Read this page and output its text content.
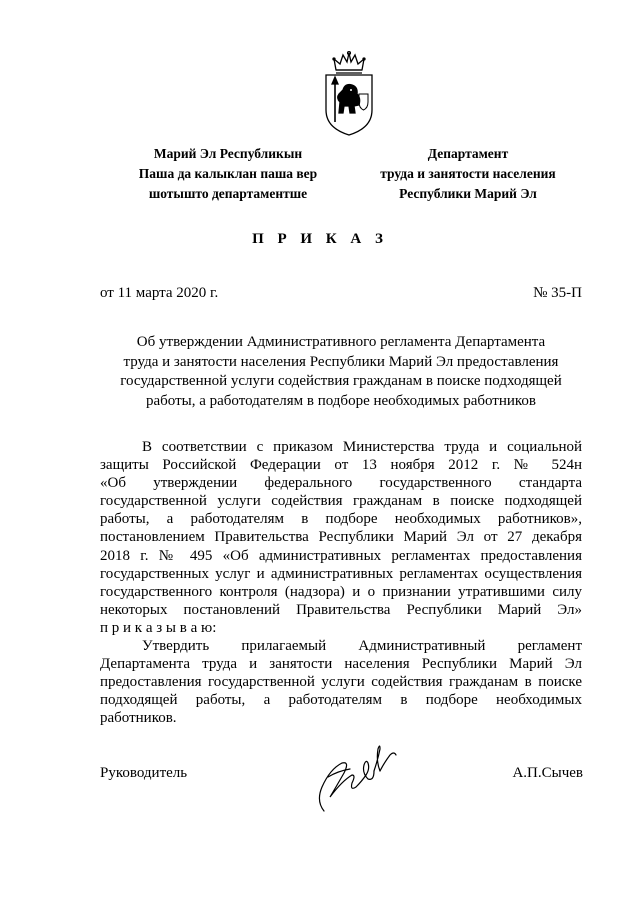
Марий Эл Республикын
Паша да калыклан паша вер
шотышто департаментше
Департамент
труда и занятости населения
Республики Марий Эл
П Р И К А З
от 11 марта 2020 г.	№ 35-П
Об утверждении Административного регламента Департамента
труда и занятости населения Республики Марий Эл предоставления
государственной услуги содействия гражданам в поиске подходящей
работы, а работодателям в подборе необходимых работников
В соответствии с приказом Министерства труда и социальной
защиты Российской Федерации от 13 ноября 2012 г. № 524н
«Об утверждении федерального государственного стандарта
государственной услуги содействия гражданам в поиске подходящей
работы, а работодателям в подборе необходимых работников»,
постановлением Правительства Республики Марий Эл от 27 декабря
2018 г. № 495 «Об административных регламентах предоставления
государственных услуг и административных регламентах осуществления
государственного контроля (надзора) и о признании утратившими силу
некоторых постановлений Правительства Республики Марий Эл»
п р и к а з ы в а ю:
Утвердить прилагаемый Административный регламент
Департамента труда и занятости населения Республики Марий Эл
предоставления государственной услуги содействия гражданам в поиске
подходящей работы, а работодателям в подборе необходимых
работников.
Руководитель	А.П.Сычев
